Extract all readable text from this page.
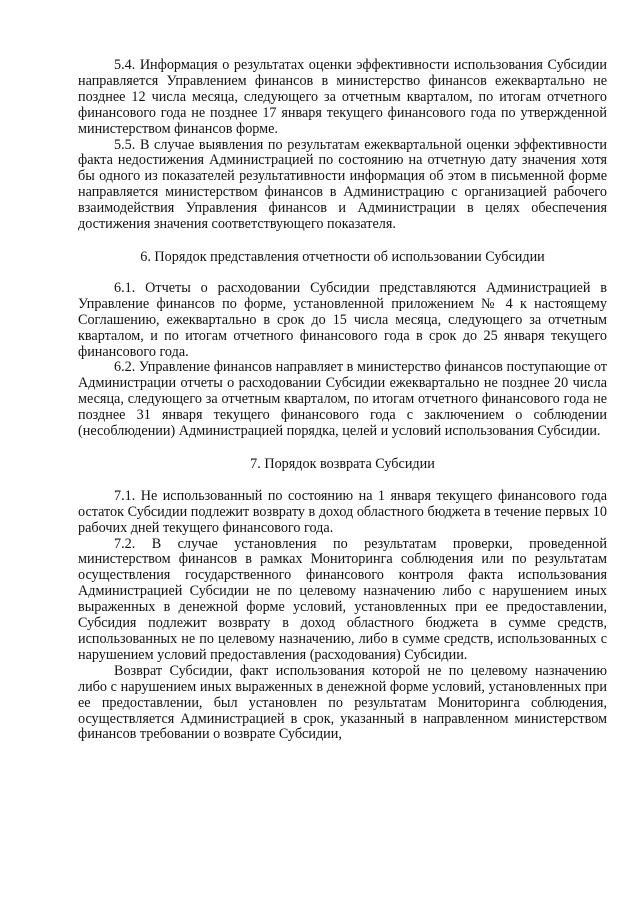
5.4. Информация о результатах оценки эффективности использования Субсидии направляется Управлением финансов в министерство финансов ежеквартально не позднее 12 числа месяца, следующего за отчетным кварталом, по итогам отчетного финансового года не позднее 17 января текущего финансового года по утвержденной министерством финансов форме.

5.5. В случае выявления по результатам ежеквартальной оценки эффективности факта недостижения Администрацией по состоянию на отчетную дату значения хотя бы одного из показателей результативности информация об этом в письменной форме направляется министерством финансов в Администрацию с организацией рабочего взаимодействия Управления финансов и Администрации в целях обеспечения достижения значения соответствующего показателя.

6. Порядок представления отчетности об использовании Субсидии

6.1. Отчеты о расходовании Субсидии представляются Администрацией в Управление финансов по форме, установленной приложением № 4 к настоящему Соглашению, ежеквартально в срок до 15 числа месяца, следующего за отчетным кварталом, и по итогам отчетного финансового года в срок до 25 января текущего финансового года.

6.2. Управление финансов направляет в министерство финансов поступающие от Администрации отчеты о расходовании Субсидии ежеквартально не позднее 20 числа месяца, следующего за отчетным кварталом, по итогам отчетного финансового года не позднее 31 января текущего финансового года с заключением о соблюдении (несоблюдении) Администрацией порядка, целей и условий использования Субсидии.

7. Порядок возврата Субсидии

7.1. Не использованный по состоянию на 1 января текущего финансового года остаток Субсидии подлежит возврату в доход областного бюджета в течение первых 10 рабочих дней текущего финансового года.

7.2. В случае установления по результатам проверки, проведенной министерством финансов в рамках Мониторинга соблюдения или по результатам осуществления государственного финансового контроля факта использования Администрацией Субсидии не по целевому назначению либо с нарушением иных выраженных в денежной форме условий, установленных при ее предоставлении, Субсидия подлежит возврату в доход областного бюджета в сумме средств, использованных не по целевому назначению, либо в сумме средств, использованных с нарушением условий предоставления (расходования) Субсидии.

Возврат Субсидии, факт использования которой не по целевому назначению либо с нарушением иных выраженных в денежной форме условий, установленных при ее предоставлении, был установлен по результатам Мониторинга соблюдения, осуществляется Администрацией в срок, указанный в направленном министерством финансов требовании о возврате Субсидии,
